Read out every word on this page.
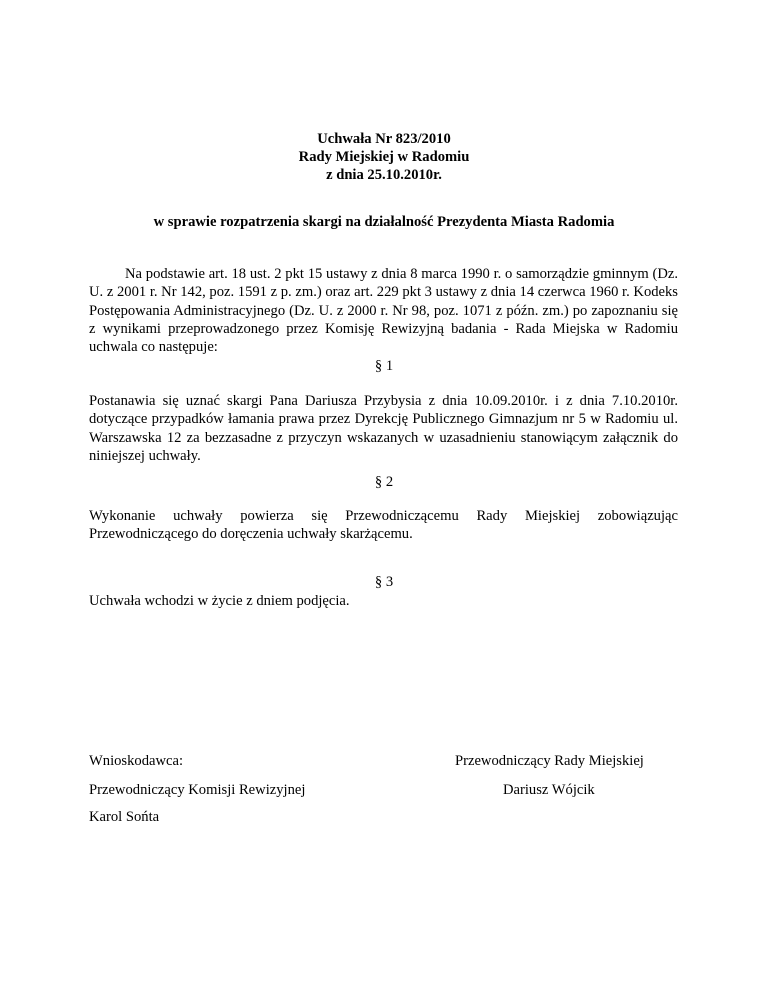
Uchwała Nr 823/2010
Rady Miejskiej w Radomiu
z dnia 25.10.2010r.
w sprawie rozpatrzenia skargi na działalność Prezydenta Miasta Radomia

Na podstawie art. 18 ust. 2 pkt 15 ustawy z dnia 8 marca 1990 r. o samorządzie gminnym (Dz. U. z 2001 r. Nr 142, poz. 1591 z p. zm.) oraz art. 229 pkt 3 ustawy z dnia 14 czerwca 1960 r. Kodeks Postępowania Administracyjnego (Dz. U. z 2000 r. Nr 98, poz. 1071 z późn. zm.) po zapoznaniu się z wynikami przeprowadzonego przez Komisję Rewizyjną badania - Rada Miejska w Radomiu uchwala co następuje:

§ 1

Postanawia się uznać skargi Pana Dariusza Przybysia z dnia 10.09.2010r. i z dnia 7.10.2010r. dotyczące przypadków łamania prawa przez Dyrekcję Publicznego Gimnazjum nr 5 w Radomiu ul. Warszawska 12 za bezzasadne z przyczyn wskazanych w uzasadnieniu stanowiącym załącznik do niniejszej uchwały.

§ 2

Wykonanie uchwały powierza się Przewodniczącemu Rady Miejskiej zobowiązując Przewodniczącego do doręczenia uchwały skarżącemu.

§ 3

Uchwała wchodzi w życie z dniem podjęcia.

Wnioskodawca:
Przewodniczący Komisji Rewizyjnej
Karol Sońta
Przewodniczący Rady Miejskiej
Dariusz Wójcik
